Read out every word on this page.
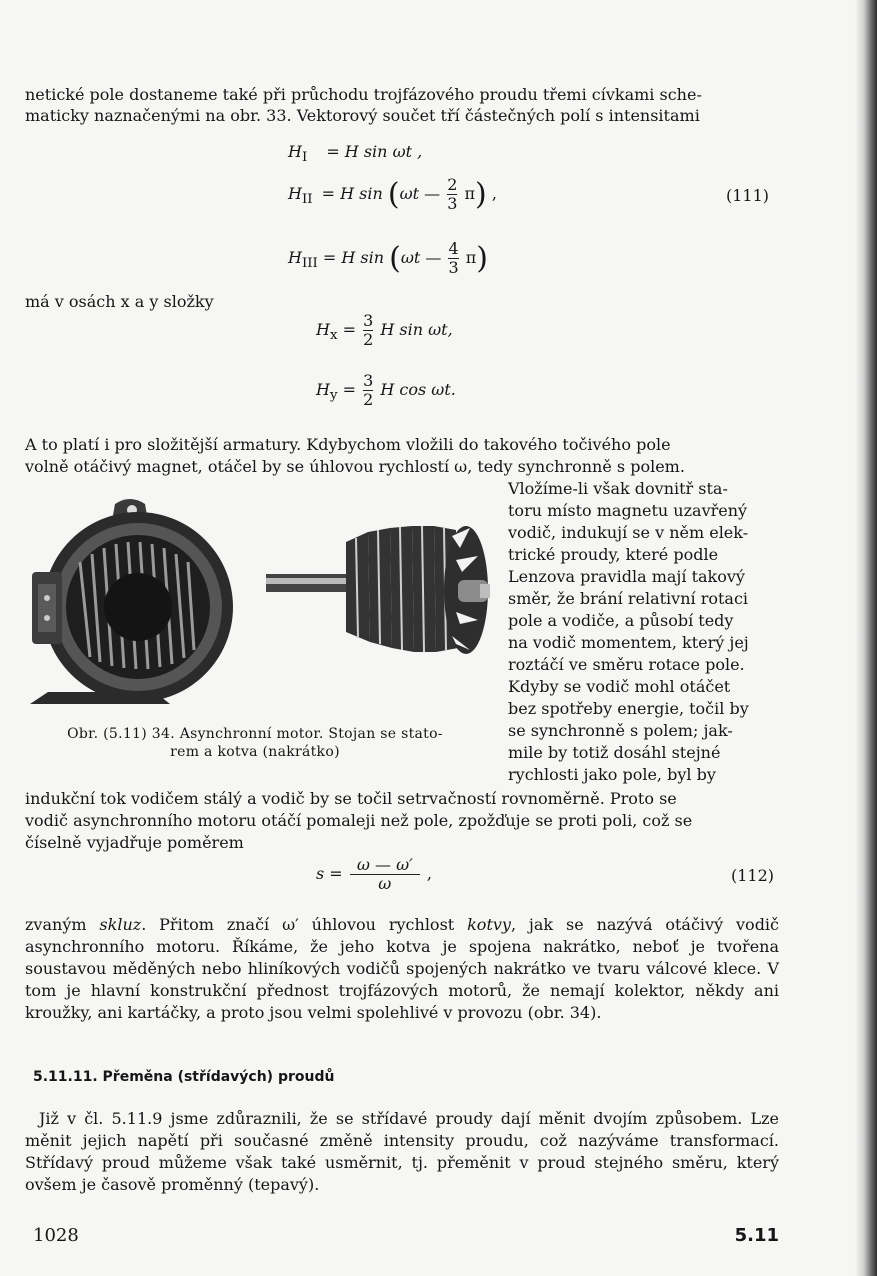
netické pole dostaneme také při průchodu trojfázového proudu třemi cívkami sche-
maticky naznačenými na obr. 33. Vektorový součet tří částečných polí s intensitami
$H_I = H$ sin ωt ,
$H_{II} = H$ sin (ωt — $\frac{2}{3} \pi$) ,	(111)
$H_{III} = H$ sin (ωt — $\frac{4}{3} \pi$)
má v osách x a y složky
$H_x = \frac{3}{2}$ H sin ωt,
$H_y = \frac{3}{2}$ H cos ωt.
A to platí i pro složitější armatury. Kdybychom vložili do takového točivého pole
volně otáčivý magnet, otáčel by se úhlovou rychlostí ω, tedy synchronně s polem.
Obr. (5.11) 34. Asynchronní motor. Stojan se stato-
rem a kotva (nakrátko)
Vložíme-li však dovnitř sta-
toru místo magnetu uzavřený
vodič, indukují se v něm elek-
trické proudy, které podle
Lenzova pravidla mají takový
směr, že brání relativní rotaci
pole a vodiče, a působí tedy
na vodič momentem, který jej
roztáčí ve směru rotace pole.
Kdyby se vodič mohl otáčet
bez spotřeby energie, točil by
se synchronně s polem; jak-
mile by totiž dosáhl stejné
rychlosti jako pole, byl by
indukční tok vodičem stálý a vodič by se točil setrvačností rovnoměrně. Proto se
vodič asynchronního motoru otáčí pomaleji než pole, zpožďuje se proti poli, což se
číselně vyjadřuje poměrem
$s = \frac{\omega — \omega'}{\omega}$ ,	(112)
zvaným skluz. Přitom značí ω′ úhlovou rychlost kotvy, jak se nazývá otáčivý vodič asynchronního motoru. Říkáme, že jeho kotva je spojena nakrátko, neboť je tvořena soustavou měděných nebo hliníkových vodičů spojených nakrátko ve tvaru válcové klece. V tom je hlavní konstrukční přednost trojfázových motorů, že nemají kolektor, někdy ani kroužky, ani kartáčky, a proto jsou velmi spolehlivé v provozu (obr. 34).
5.11.11. Přeměna (střídavých) proudů
Již v čl. 5.11.9 jsme zdůraznili, že se střídavé proudy dají měnit dvojím způsobem. Lze měnit jejich napětí při současné změně intensity proudu, což nazýváme transformací. Střídavý proud můžeme však také usměrnit, tj. přeměnit v proud stejného směru, který ovšem je časově proměnný (tepavý).
1028	5.11
